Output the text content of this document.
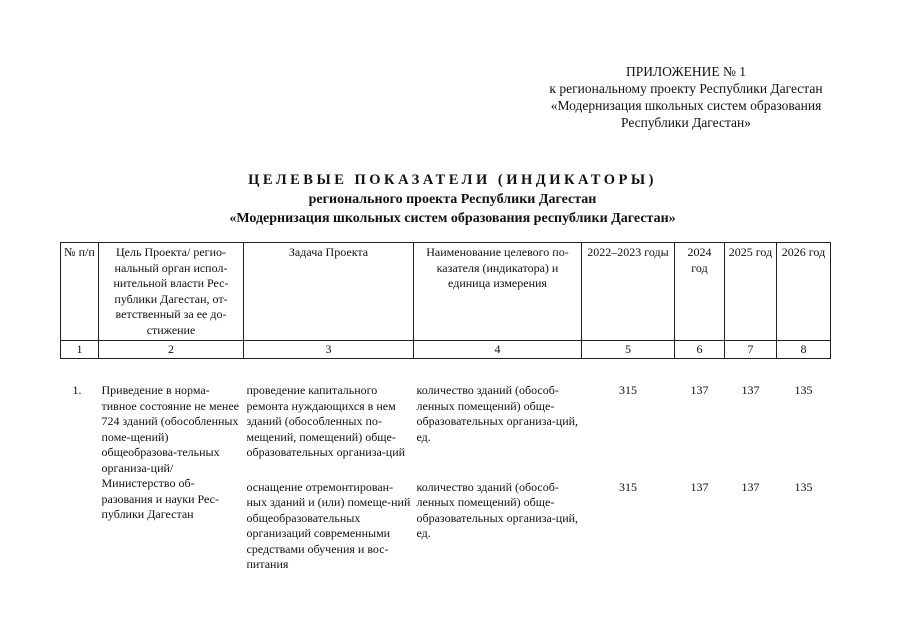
ПРИЛОЖЕНИЕ № 1
к региональному проекту Республики Дагестан
«Модернизация школьных систем образования
Республики Дагестан»
ЦЕЛЕВЫЕ ПОКАЗАТЕЛИ (ИНДИКАТОРЫ)
регионального проекта Республики Дагестан
«Модернизация школьных систем образования республики Дагестан»
№ п/п	Цель Проекта/ регио-нальный орган испол-нительной власти Рес-публики Дагестан, от-ветственный за ее до-стижение	Задача Проекта	Наименование целевого по-казателя (индикатора) и единица измерения	2022–2023 годы	2024 год	2025 год	2026 год
1	2	3	4	5	6	7	8
1.	Приведение в норма-тивное состояние не менее 724 зданий (обособленных поме-щений) общеобразова-тельных организа-ций/Министерство об-разования и науки Рес-публики Дагестан	проведение капитального ремонта нуждающихся в нем зданий (обособленных по-мещений, помещений) обще-образовательных организа-ций	количество зданий (обособ-ленных помещений) обще-образовательных организа-ций, ед.	315	137	137	135
		оснащение отремонтирован-ных зданий и (или) помеще-ний общеобразовательных организаций современными средствами обучения и вос-питания	количество зданий (обособ-ленных помещений) обще-образовательных организа-ций, ед.	315	137	137	135
